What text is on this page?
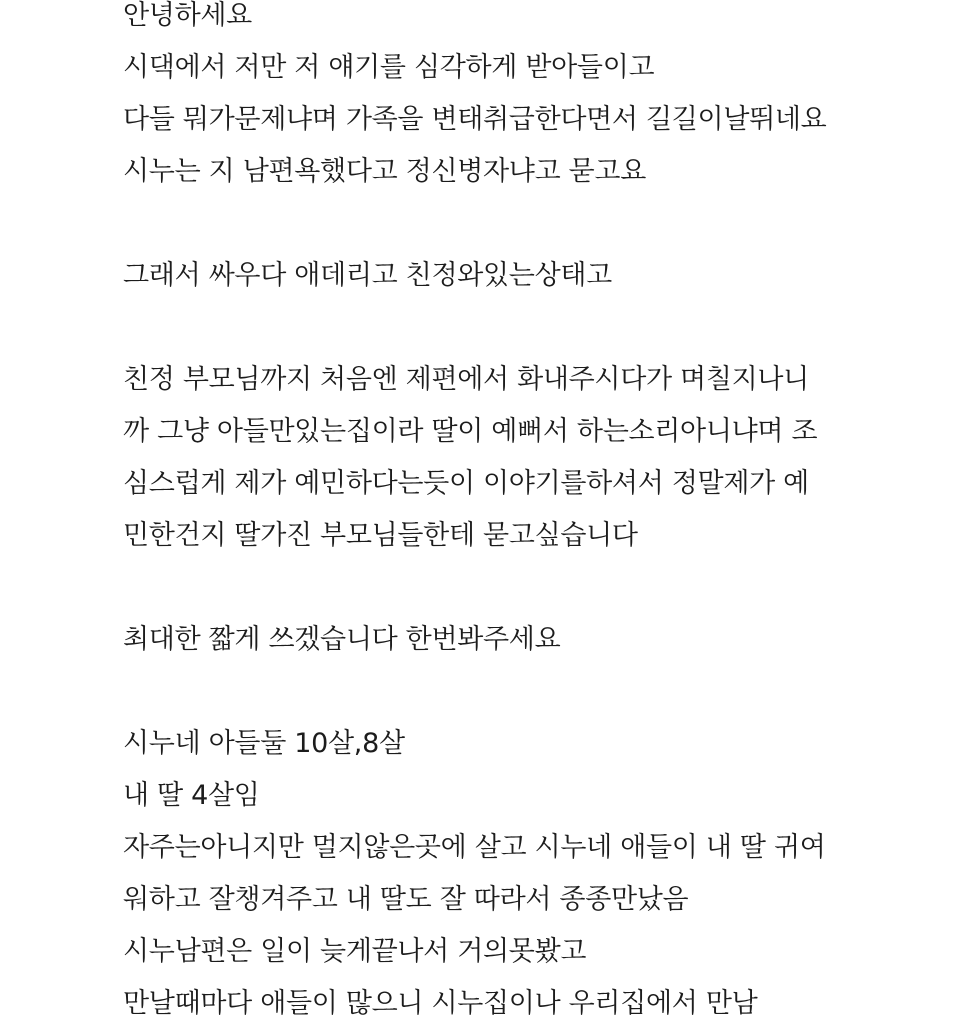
안녕하세요
시댁에서 저만 저 얘기를 심각하게 받아들이고
다들 뭐가문제냐며 가족을 변태취급한다면서 길길이날뛰네요
시누는 지 남편욕했다고 정신병자냐고 묻고요
그래서 싸우다 애데리고 친정와있는상태고
친정 부모님까지 처음엔 제편에서 화내주시다가 며칠지나니
까 그냥 아들만있는집이라 딸이 예뻐서 하는소리아니냐며 조
심스럽게 제가 예민하다는듯이 이야기를하셔서 정말제가 예
민한건지 딸가진 부모님들한테 묻고싶습니다
최대한 짧게 쓰겠습니다 한번봐주세요
시누네 아들둘 10살,8살
내 딸 4살임
자주는아니지만 멀지않은곳에 살고 시누네 애들이 내 딸 귀여
워하고 잘챙겨주고 내 딸도 잘 따라서 종종만났음
시누남편은 일이 늦게끝나서 거의못봤고
만날때마다 애들이 많으니 시누집이나 우리집에서 만남
